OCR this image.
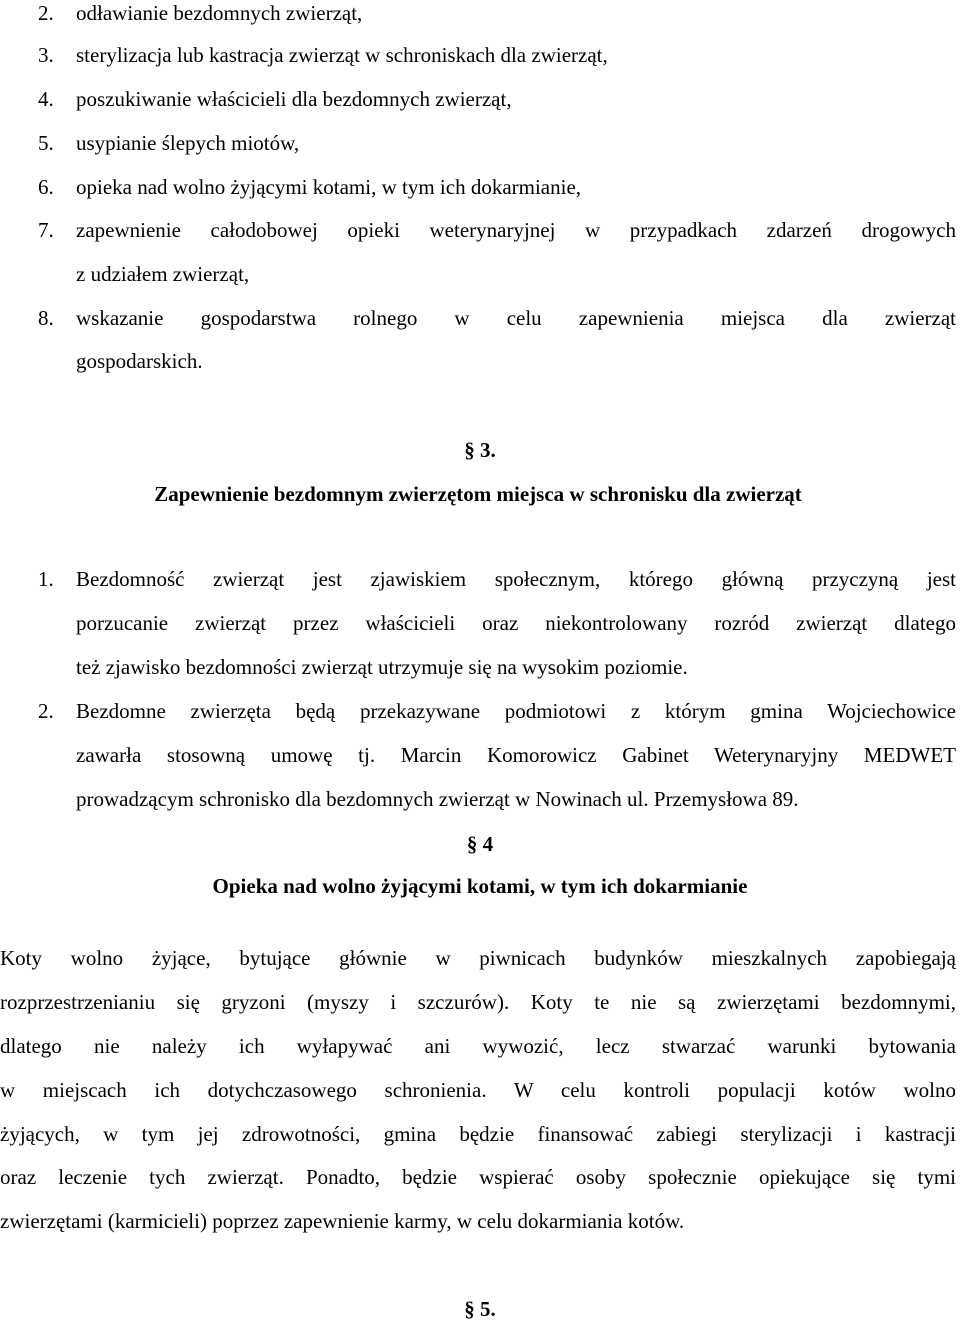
2. odławianie bezdomnych zwierząt,
3. sterylizacja lub kastracja zwierząt w schroniskach dla zwierząt,
4. poszukiwanie właścicieli dla bezdomnych zwierząt,
5. usypianie ślepych miotów,
6. opieka nad wolno żyjącymi kotami, w tym ich dokarmianie,
7. zapewnienie całodobowej opieki weterynaryjnej w przypadkach zdarzeń drogowych
z udziałem zwierząt,
8. wskazanie gospodarstwa rolnego w celu zapewnienia miejsca dla zwierząt
gospodarskich.
§ 3.
Zapewnienie bezdomnym zwierzętom miejsca w schronisku dla zwierząt
1. Bezdomność zwierząt jest zjawiskiem społecznym, którego główną przyczyną jest
porzucanie zwierząt przez właścicieli oraz niekontrolowany rozród zwierząt dlatego
też zjawisko bezdomności zwierząt utrzymuje się na wysokim poziomie.
2. Bezdomne zwierzęta będą przekazywane podmiotowi z którym gmina Wojciechowice
zawarła stosowną umowę tj. Marcin Komorowicz Gabinet Weterynaryjny MEDWET
prowadzącym schronisko dla bezdomnych zwierząt w Nowinach ul. Przemysłowa 89.
§ 4
Opieka nad wolno żyjącymi kotami, w tym ich dokarmianie
Koty wolno żyjące, bytujące głównie w piwnicach budynków mieszkalnych zapobiegają
rozprzestrzenianiu się gryzoni (myszy i szczurów). Koty te nie są zwierzętami bezdomnymi,
dlatego nie należy ich wyłapywać ani wywozić, lecz stwarzać warunki bytowania
w miejscach ich dotychczasowego schronienia. W celu kontroli populacji kotów wolno
żyjących, w tym jej zdrowotności, gmina będzie finansować zabiegi sterylizacji i kastracji
oraz leczenie tych zwierząt. Ponadto, będzie wspierać osoby społecznie opiekujące się tymi
zwierzętami (karmicieli) poprzez zapewnienie karmy, w celu dokarmiania kotów.
§ 5.
